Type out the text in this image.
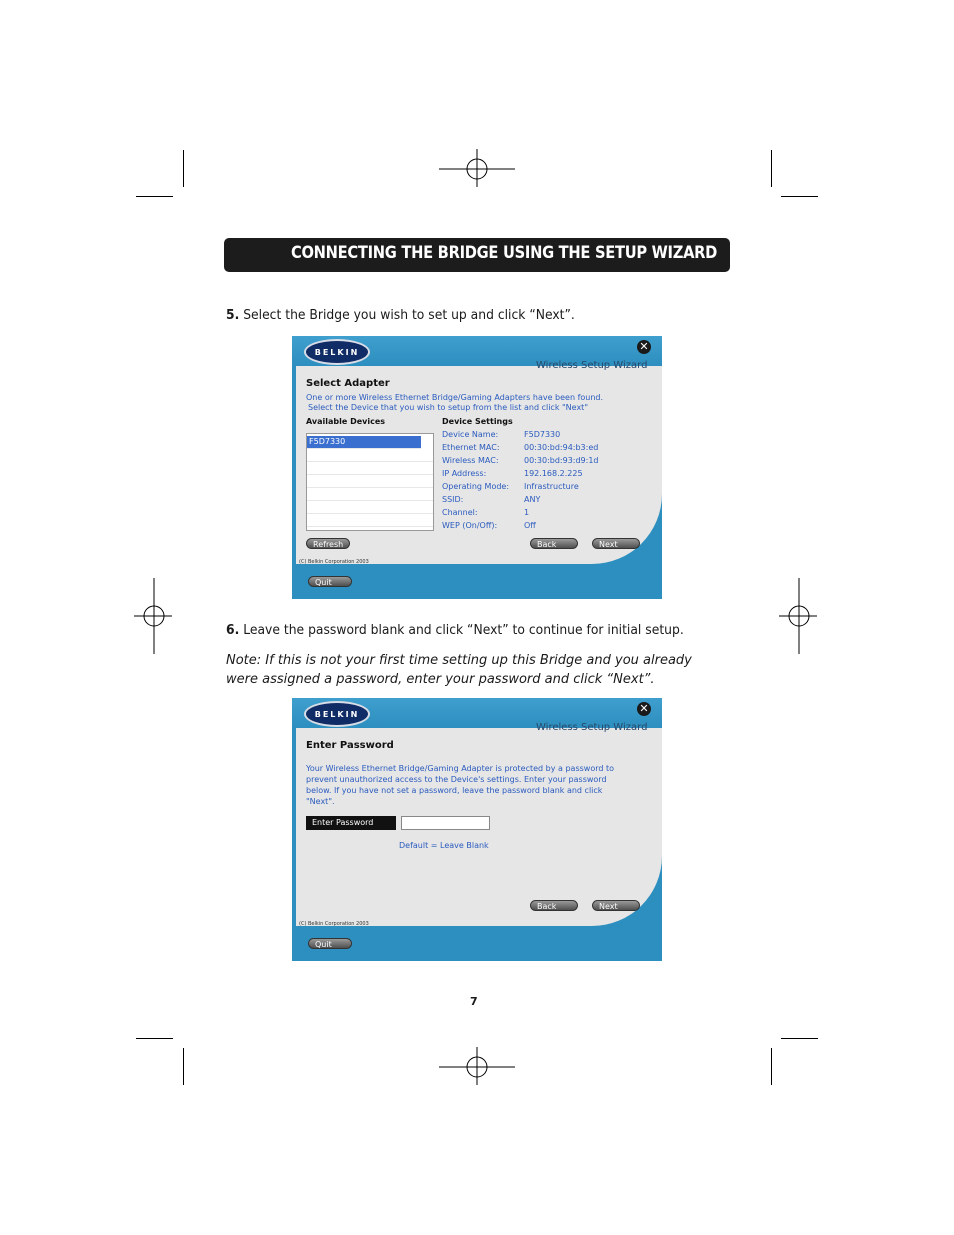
CONNECTING THE BRIDGE USING THE SETUP WIZARD
5. Select the Bridge you wish to set up and click “Next”.
BELKIN	✕
Wireless Setup Wizard
Select Adapter
One or more Wireless Ethernet Bridge/Gaming Adapters have been found.
Select the Device that you wish to setup from the list and click "Next"
Available Devices	Device Settings
F5D7330
Device Name:	F5D7330
Ethernet MAC:	00:30:bd:94:b3:ed
Wireless MAC:	00:30:bd:93:d9:1d
IP Address:	192.168.2.225
Operating Mode: Infrastructure
SSID:	ANY
Channel:	1
WEP (On/Off):	Off
Refresh	Back	Next
(C) Belkin Corporation 2003
Quit
6. Leave the password blank and click “Next” to continue for initial setup.
Note: If this is not your first time setting up this Bridge and you already were assigned a password, enter your password and click “Next”.
BELKIN	✕
Wireless Setup Wizard
Enter Password
Your Wireless Ethernet Bridge/Gaming Adapter is protected by a password to
prevent unauthorized access to the Device's settings. Enter your password
below. If you have not set a password, leave the password blank and click
"Next".
Enter Password
Default = Leave Blank
Back	Next
(C) Belkin Corporation 2003
Quit
7
